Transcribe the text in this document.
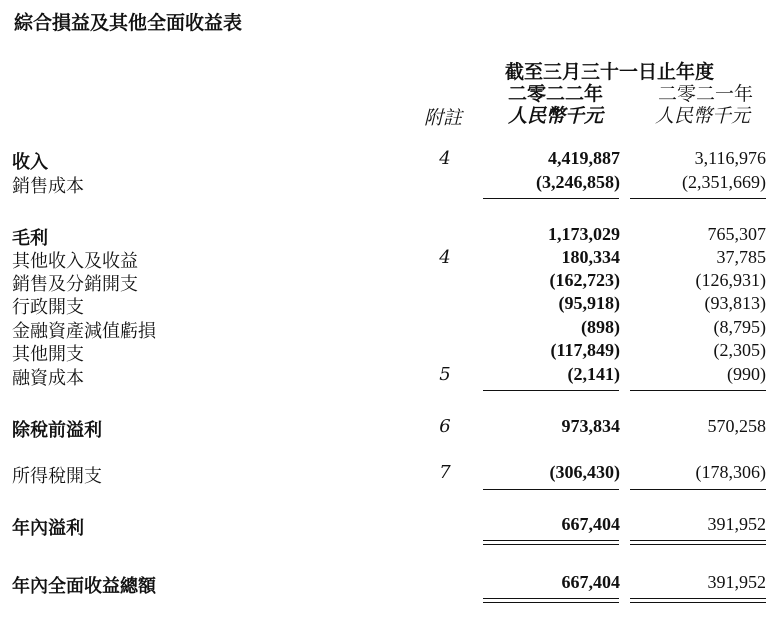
綜合損益及其他全面收益表
截至三月三十一日止年度
二零二二年	二零二一年
附註 人民幣千元	人民幣千元
收入	4	4,419,887	3,116,976
銷售成本	(3,246,858)	(2,351,669)
毛利	1,173,029	765,307
其他收入及收益	4	180,334	37,785
銷售及分銷開支	(162,723)	(126,931)
行政開支	(95,918)	(93,813)
金融資產減值虧損	(898)	(8,795)
其他開支	(117,849)	(2,305)
融資成本	5	(2,141)	(990)
除稅前溢利	6	973,834	570,258
所得稅開支	7	(306,430)	(178,306)
年內溢利	667,404	391,952
年內全面收益總額	667,404	391,952
